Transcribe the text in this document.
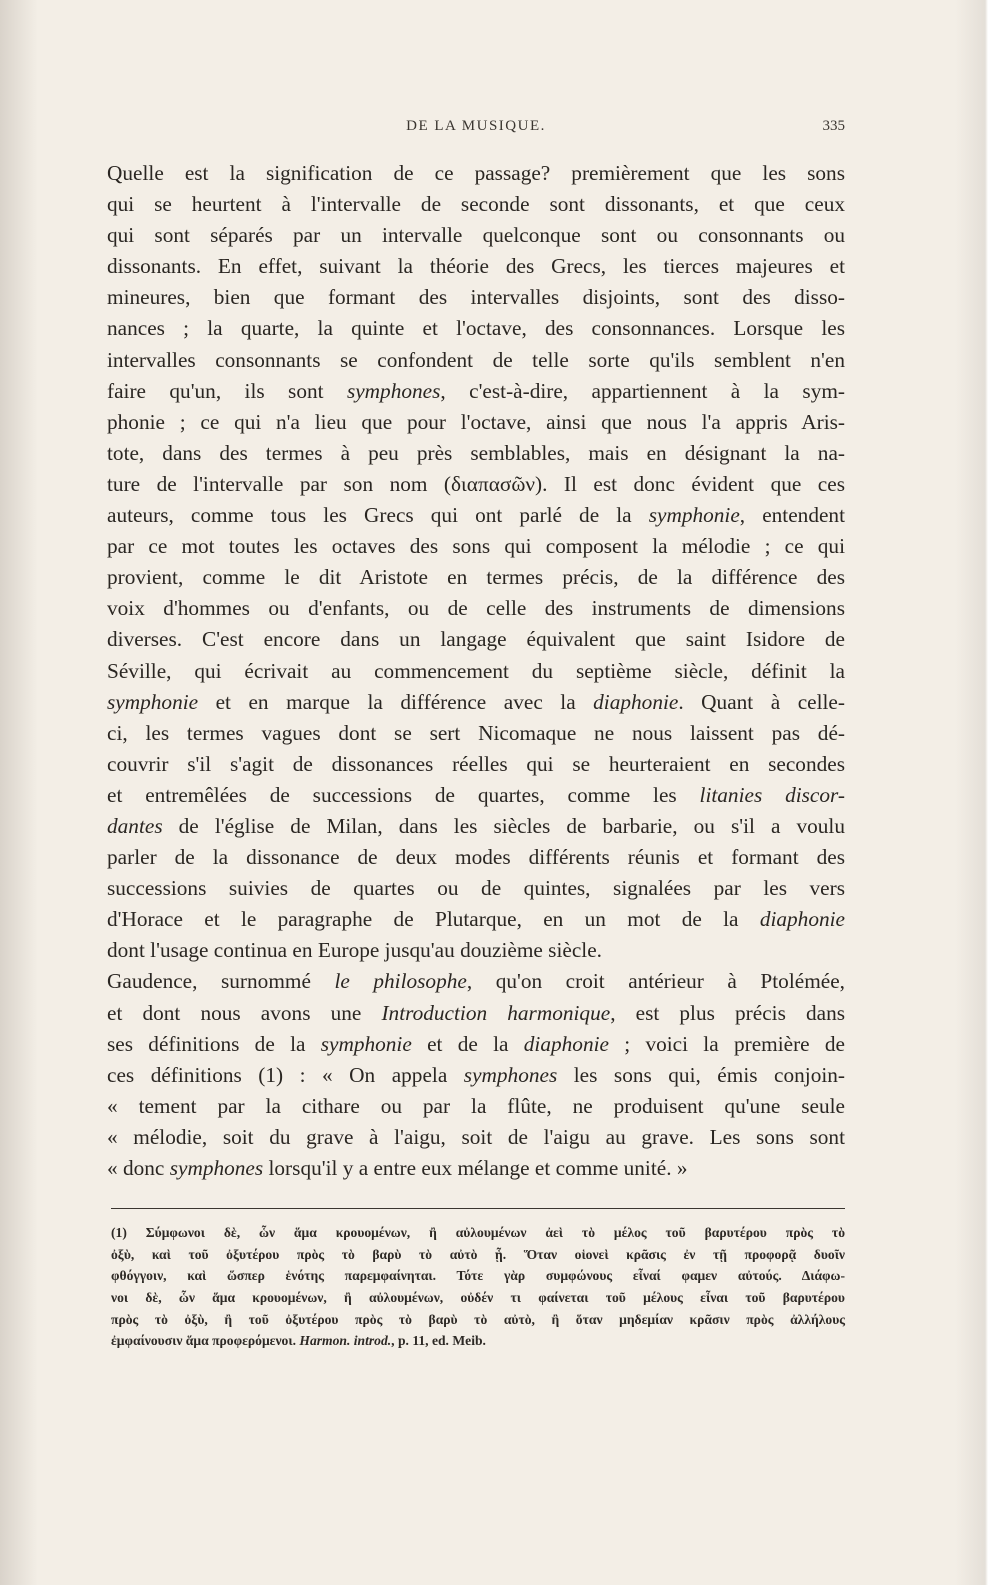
DE LA MUSIQUE.	335
Quelle est la signification de ce passage? premièrement que les sons
qui se heurtent à l'intervalle de seconde sont dissonants, et que ceux
qui sont séparés par un intervalle quelconque sont ou consonnants ou
dissonants. En effet, suivant la théorie des Grecs, les tierces majeures et
mineures, bien que formant des intervalles disjoints, sont des disso-
nances ; la quarte, la quinte et l'octave, des consonnances. Lorsque les
intervalles consonnants se confondent de telle sorte qu'ils semblent n'en
faire qu'un, ils sont symphones, c'est-à-dire, appartiennent à la sym-
phonie ; ce qui n'a lieu que pour l'octave, ainsi que nous l'a appris Aris-
tote, dans des termes à peu près semblables, mais en désignant la na-
ture de l'intervalle par son nom (διαπασῶν). Il est donc évident que ces
auteurs, comme tous les Grecs qui ont parlé de la symphonie, entendent
par ce mot toutes les octaves des sons qui composent la mélodie ; ce qui
provient, comme le dit Aristote en termes précis, de la différence des
voix d'hommes ou d'enfants, ou de celle des instruments de dimensions
diverses. C'est encore dans un langage équivalent que saint Isidore de
Séville, qui écrivait au commencement du septième siècle, définit la
symphonie et en marque la différence avec la diaphonie. Quant à celle-
ci, les termes vagues dont se sert Nicomaque ne nous laissent pas dé-
couvrir s'il s'agit de dissonances réelles qui se heurteraient en secondes
et entremêlées de successions de quartes, comme les litanies discor-
dantes de l'église de Milan, dans les siècles de barbarie, ou s'il a voulu
parler de la dissonance de deux modes différents réunis et formant des
successions suivies de quartes ou de quintes, signalées par les vers
d'Horace et le paragraphe de Plutarque, en un mot de la diaphonie
dont l'usage continua en Europe jusqu'au douzième siècle.
Gaudence, surnommé le philosophe, qu'on croit antérieur à Ptolémée,
et dont nous avons une Introduction harmonique, est plus précis dans
ses définitions de la symphonie et de la diaphonie ; voici la première de
ces définitions (1) : « On appela symphones les sons qui, émis conjoin-
« tement par la cithare ou par la flûte, ne produisent qu'une seule
« mélodie, soit du grave à l'aigu, soit de l'aigu au grave. Les sons sont
« donc symphones lorsqu'il y a entre eux mélange et comme unité. »
(1) Σύμφωνοι δὲ, ὧν ἅμα κρουομένων, ἢ αὐλουμένων ἀεὶ τὸ μέλος τοῦ βαρυτέρου πρὸς τὸ
ὀξὺ, καὶ τοῦ ὀξυτέρου πρὸς τὸ βαρὺ τὸ αὐτὸ ᾖ. Ὅταν οἱονεὶ κρᾶσις ἐν τῇ προφορᾷ δυοῖν
φθόγγοιν, καὶ ὥσπερ ἑνότης παρεμφαίνηται. Τότε γὰρ συμφώνους εἶναί φαμεν αὐτούς. Διάφω-
νοι δὲ, ὧν ἅμα κρουομένων, ἢ αὐλουμένων, οὐδέν τι φαίνεται τοῦ μέλους εἶναι τοῦ βαρυτέρου
πρὸς τὸ ὀξὺ, ἢ τοῦ ὀξυτέρου πρὸς τὸ βαρὺ τὸ αὐτὸ, ἢ ὅταν μηδεμίαν κρᾶσιν πρὸς ἀλλήλους
ἐμφαίνουσιν ἅμα προφερόμενοι. Harmon. introd., p. 11, ed. Meib.
